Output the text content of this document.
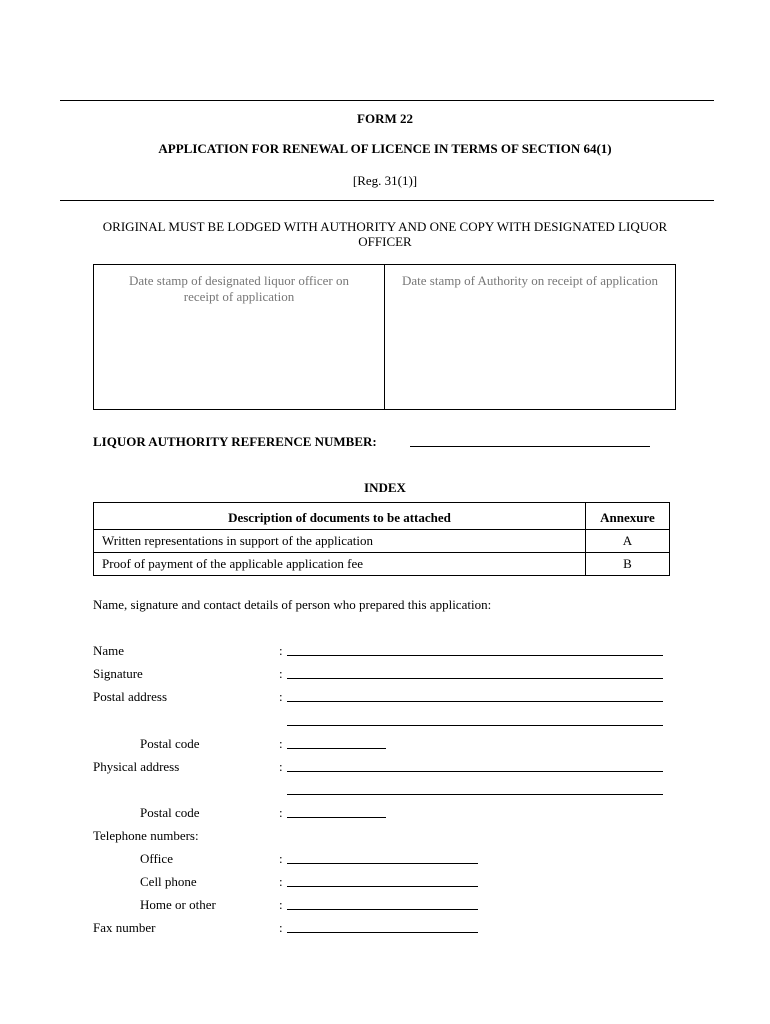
FORM 22
APPLICATION FOR RENEWAL OF LICENCE IN TERMS OF SECTION 64(1)
[Reg. 31(1)]
ORIGINAL MUST BE LODGED WITH AUTHORITY AND ONE COPY WITH DESIGNATED LIQUOR OFFICER
Date stamp of designated liquor officer on receipt of application
Date stamp of Authority on receipt of application
LIQUOR AUTHORITY REFERENCE NUMBER:
INDEX
Description of documents to be attached	Annexure
Written representations in support of the application	A
Proof of payment of the applicable application fee	B
Name, signature and contact details of person who prepared this application:
Name	:
Signature	:
Postal address	:
Postal code	:
Physical address	:
Postal code	:
Telephone numbers:
Office	:
Cell phone	:
Home or other	:
Fax number	:
